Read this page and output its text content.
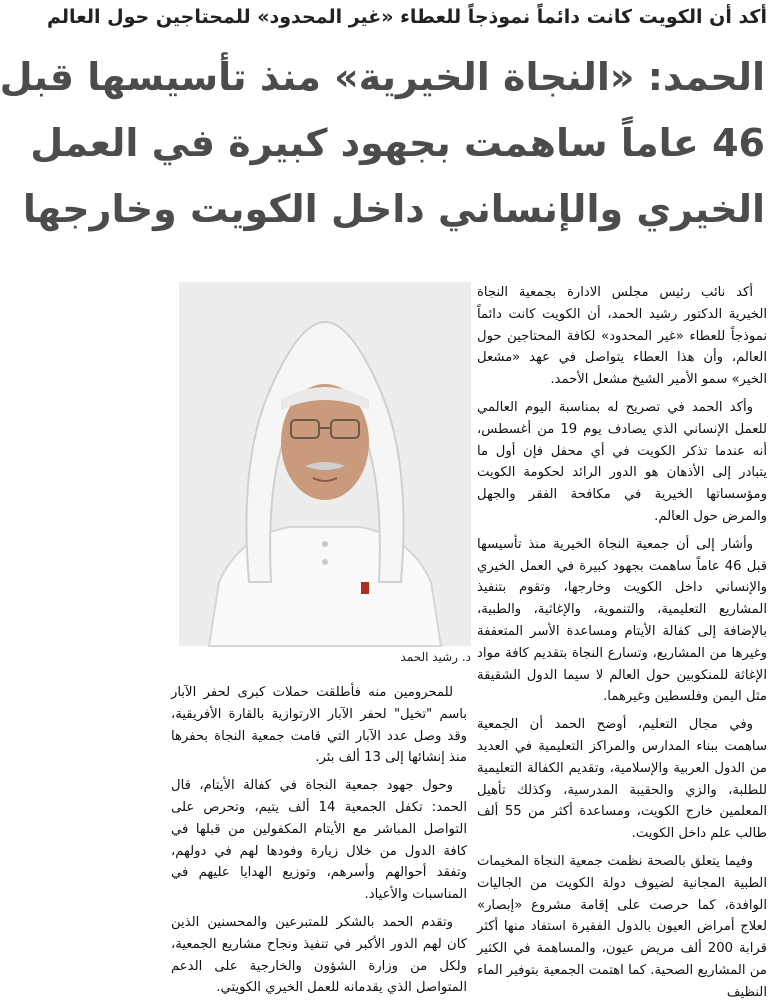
أكد أن الكويت كانت دائماً نموذجاً للعطاء «غير المحدود» للمحتاجين حول العالم
الحمد: «النجاة الخيرية» منذ تأسيسها قبل
46 عاماً ساهمت بجهود كبيرة في العمل
الخيري والإنساني داخل الكويت وخارجها
د. رشيد الحمد

أكد نائب رئيس مجلس الادارة بجمعية النجاة الخيرية الدكتور رشيد الحمد، أن الكويت كانت دائماً نموذجاً للعطاء «غير المحدود» لكافة المحتاجين حول العالم، وأن هذا العطاء يتواصل في عهد «مشعل الخير» سمو الأمير الشيخ مشعل الأحمد.

وأكد الحمد في تصريح له بمناسبة اليوم العالمي للعمل الإنساني الذي يصادف يوم 19 من أغسطس، أنه عندما تذكر الكويت في أي محفل فإن أول ما يتبادر إلى الأذهان هو الدور الرائد لحكومة الكويت ومؤسساتها الخيرية في مكافحة الفقر والجهل والمرض حول العالم.

وأشار إلى أن جمعية النجاة الخيرية منذ تأسيسها قبل 46 عاماً ساهمت بجهود كبيرة في العمل الخيري والإنساني داخل الكويت وخارجها، وتقوم بتنفيذ المشاريع التعليمية، والتنموية، والإغاثية، والطبية، بالإضافة إلى كفالة الأيتام ومساعدة الأسر المتعففة وغيرها من المشاريع، وتسارع النجاة بتقديم كافة مواد الإغاثة للمنكوبين حول العالم لا سيما الدول الشقيقة مثل اليمن وفلسطين وغيرهما.

وفي مجال التعليم، أوضح الحمد أن الجمعية ساهمت ببناء المدارس والمراكز التعليمية في العديد من الدول العربية والإسلامية، وتقديم الكفالة التعليمية للطلبة، والزي والحقيبة المدرسية، وكذلك تأهيل المعلمين خارج الكويت، ومساعدة أكثر من 55 ألف طالب علم داخل الكويت.

وفيما يتعلق بالصحة نظمت جمعية النجاة المخيمات الطبية المجانية لضيوف دولة الكويت من الجاليات الوافدة، كما حرصت على إقامة مشروع «إبصار» لعلاج أمراض العيون بالدول الفقيرة استفاد منها أكثر قرابة 200 ألف مريض عيون، والمساهمة في الكثير من المشاريع الصحية. كما اهتمت الجمعية بتوفير الماء النظيف

للمحرومين منه فأطلقت حملات كبرى لحفر الآبار باسم "تخيل" لحفر الآبار الارتوازية بالقارة الأفريقية، وقد وصل عدد الآبار التي قامت جمعية النجاة بحفرها منذ إنشائها إلى 13 ألف بئر.

وحول جهود جمعية النجاة في كفالة الأيتام، قال الحمد: تكفل الجمعية 14 ألف يتيم، وتحرص على التواصل المباشر مع الأيتام المكفولين من قبلها في كافة الدول من خلال زيارة وفودها لهم في دولهم، وتفقد أحوالهم وأسرهم، وتوزيع الهدايا عليهم في المناسبات والأعياد.

وتقدم الحمد بالشكر للمتبرعين والمحسنين الذين كان لهم الدور الأكبر في تنفيذ ونجاح مشاريع الجمعية، ولكل من وزارة الشؤون والخارجية على الدعم المتواصل الذي يقدمانه للعمل الخيري الكويتي.
